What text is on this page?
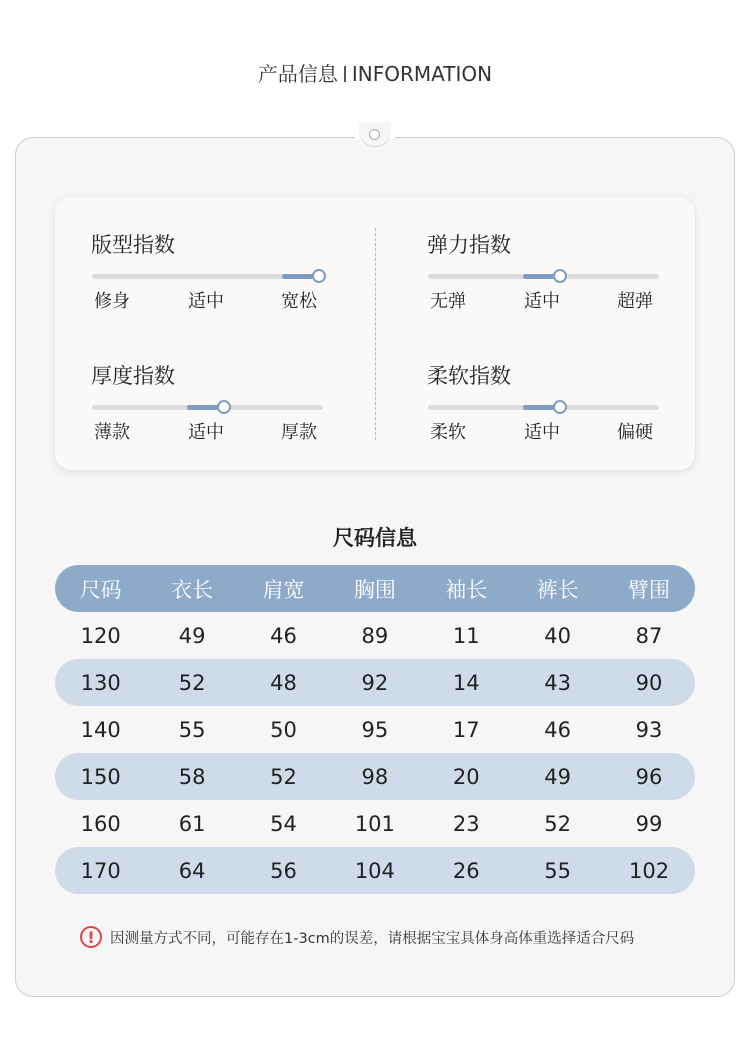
产品信息 INFORMATION
版型指数
修身	适中	宽松
弹力指数
无弹	适中	超弹
厚度指数
薄款	适中	厚款
柔软指数
柔软	适中	偏硬
尺码信息
尺码	衣长	肩宽	胸围	袖长	裤长	臂围
120	49	46	89	11	40	87
130	52	48	92	14	43	90
140	55	50	95	17	46	93
150	58	52	98	20	49	96
160	61	54	101	23	52	99
170	64	56	104	26	55	102
!	因测量方式不同，可能存在1-3cm的误差，请根据宝宝具体身高体重选择适合尺码
